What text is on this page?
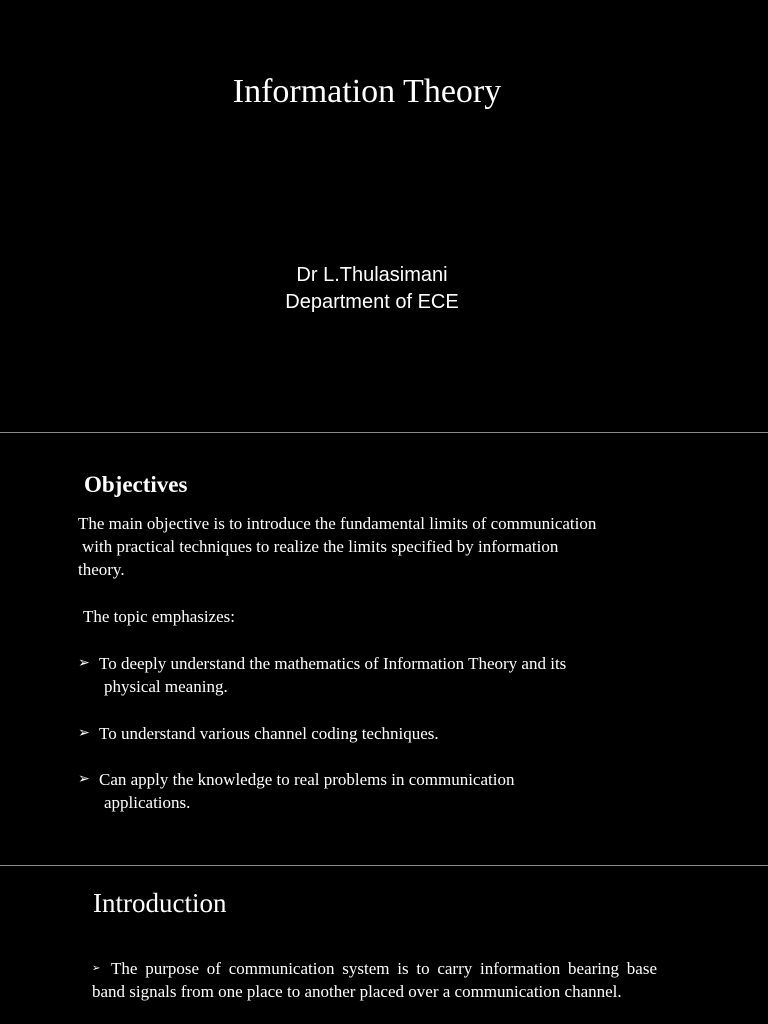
Information Theory
Dr L.Thulasimani
Department of ECE
Objectives
The main objective is to introduce the fundamental limits of communication
with practical techniques to realize the limits specified by information
theory.
The topic emphasizes:
➢ To deeply understand the mathematics of Information Theory and its
physical meaning.
➢ To understand various channel coding techniques.
➢ Can apply the knowledge to real problems in communication
applications.
Introduction
➢ The purpose of communication system is to carry information bearing base band signals from one place to another placed over a communication channel.
